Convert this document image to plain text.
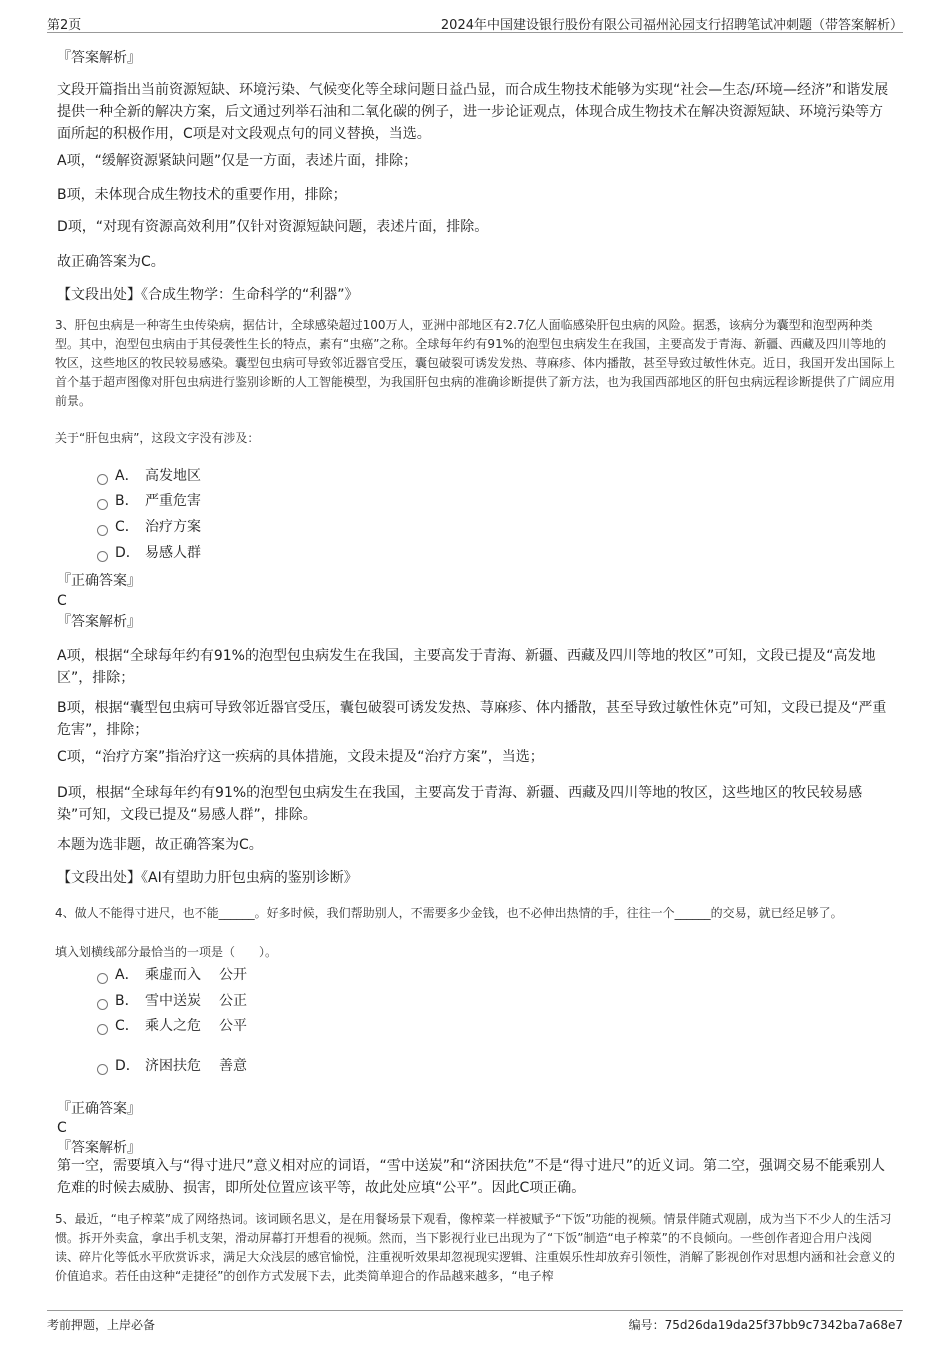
第2页	2024年中国建设银行股份有限公司福州沁园支行招聘笔试冲刺题（带答案解析）
『答案解析』
文段开篇指出当前资源短缺、环境污染、气候变化等全球问题日益凸显，而合成生物技术能够为实现“社会—生态/环境—经济”和谐发展提供一种全新的解决方案，后文通过列举石油和二氧化碳的例子，进一步论证观点，体现合成生物技术在解决资源短缺、环境污染等方面所起的积极作用，C项是对文段观点句的同义替换，当选。
A项，“缓解资源紧缺问题”仅是一方面，表述片面，排除；
B项，未体现合成生物技术的重要作用，排除；
D项，“对现有资源高效利用”仅针对资源短缺问题，表述片面，排除。
故正确答案为C。
【文段出处】《合成生物学：生命科学的“利器”》
3、肝包虫病是一种寄生虫传染病，据估计，全球感染超过100万人，亚洲中部地区有2.7亿人面临感染肝包虫病的风险。据悉，该病分为囊型和泡型两种类型。其中，泡型包虫病由于其侵袭性生长的特点，素有“虫癌”之称。全球每年约有91%的泡型包虫病发生在我国，主要高发于青海、新疆、西藏及四川等地的牧区，这些地区的牧民较易感染。囊型包虫病可导致邻近器官受压，囊包破裂可诱发发热、荨麻疹、体内播散，甚至导致过敏性休克。近日，我国开发出国际上首个基于超声图像对肝包虫病进行鉴别诊断的人工智能模型，为我国肝包虫病的准确诊断提供了新方法，也为我国西部地区的肝包虫病远程诊断提供了广阔应用前景。
关于“肝包虫病”，这段文字没有涉及：
A． 高发地区
B． 严重危害
C． 治疗方案
D． 易感人群
『正确答案』
C
『答案解析』
A项，根据“全球每年约有91%的泡型包虫病发生在我国，主要高发于青海、新疆、西藏及四川等地的牧区”可知，文段已提及“高发地区”，排除；
B项，根据“囊型包虫病可导致邻近器官受压，囊包破裂可诱发发热、荨麻疹、体内播散，甚至导致过敏性休克”可知，文段已提及“严重危害”，排除；
C项，“治疗方案”指治疗这一疾病的具体措施，文段未提及“治疗方案”，当选；
D项，根据“全球每年约有91%的泡型包虫病发生在我国，主要高发于青海、新疆、西藏及四川等地的牧区，这些地区的牧民较易感染”可知，文段已提及“易感人群”，排除。
本题为选非题，故正确答案为C。
【文段出处】《AI有望助力肝包虫病的鉴别诊断》
4、做人不能得寸进尺，也不能______。好多时候，我们帮助别人，不需要多少金钱，也不必伸出热情的手，往往一个______的交易，就已经足够了。
填入划横线部分最恰当的一项是（　　）。
A． 乘虚而入 公开
B． 雪中送炭 公正
C． 乘人之危 公平
D． 济困扶危 善意
『正确答案』
C
『答案解析』
第一空，需要填入与“得寸进尺”意义相对应的词语，“雪中送炭”和“济困扶危”不是“得寸进尺”的近义词。第二空，强调交易不能乘别人危难的时候去威胁、损害，即所处位置应该平等，故此处应填“公平”。因此C项正确。
5、最近，“电子榨菜”成了网络热词。该词顾名思义，是在用餐场景下观看，像榨菜一样被赋予“下饭”功能的视频。情景伴随式观剧，成为当下不少人的生活习惯。拆开外卖盒，拿出手机支架，滑动屏幕打开想看的视频。然而，当下影视行业已出现为了“下饭”制造“电子榨菜”的不良倾向。一些创作者迎合用户浅阅读、碎片化等低水平欣赏诉求，满足大众浅层的感官愉悦，注重视听效果却忽视现实逻辑、注重娱乐性却放弃引领性，消解了影视创作对思想内涵和社会意义的价值追求。若任由这种“走捷径”的创作方式发展下去，此类简单迎合的作品越来越多，“电子榨
考前押题，上岸必备	编号：75d26da19da25f37bb9c7342ba7a68e7
